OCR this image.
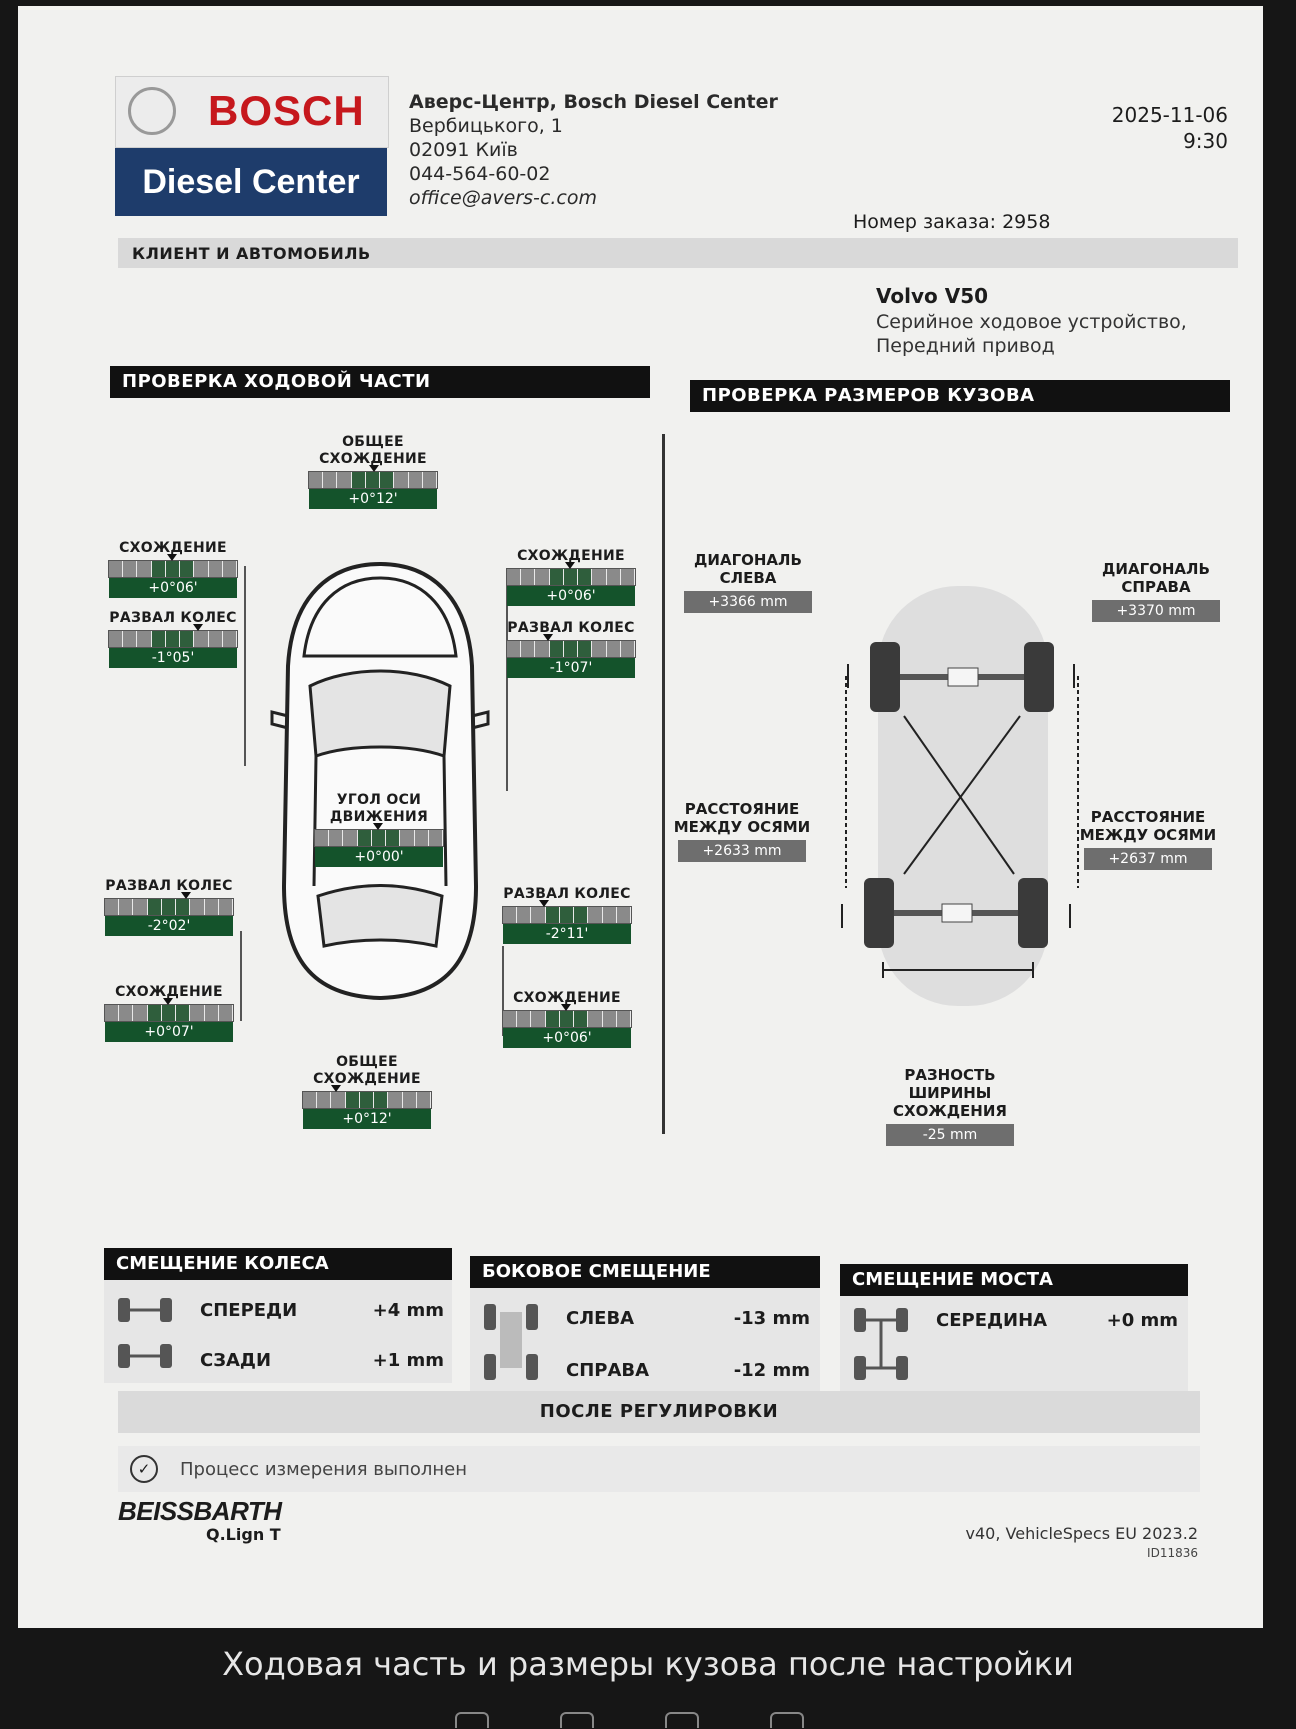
BOSCH
Diesel Center
Аверс-Центр, Bosch Diesel Center
Вербицького, 1
02091 Київ
044-564-60-02
office@avers-c.com
2025-11-06
9:30
Номер заказа: 2958
КЛИЕНТ И АВТОМОБИЛЬ
Volvo V50
Серийное ходовое устройство, Передний привод
ПРОВЕРКА ХОДОВОЙ ЧАСТИ
ПРОВЕРКА РАЗМЕРОВ КУЗОВА
ОБЩЕЕ СХОЖДЕНИЕ
+0°12'
СХОЖДЕНИЕ
+0°06'
РАЗВАЛ КОЛЕС
-1°05'
СХОЖДЕНИЕ
+0°06'
РАЗВАЛ КОЛЕС
-1°07'
УГОЛ ОСИ ДВИЖЕНИЯ
+0°00'
РАЗВАЛ КОЛЕС
-2°02'
СХОЖДЕНИЕ
+0°07'
РАЗВАЛ КОЛЕС
-2°11'
СХОЖДЕНИЕ
+0°06'
ОБЩЕЕ СХОЖДЕНИЕ
+0°12'
ДИАГОНАЛЬ СЛЕВА
+3366 mm
ДИАГОНАЛЬ СПРАВА
+3370 mm
РАССТОЯНИЕ МЕЖДУ ОСЯМИ
+2633 mm
РАССТОЯНИЕ МЕЖДУ ОСЯМИ
+2637 mm
РАЗНОСТЬ ШИРИНЫ СХОЖДЕНИЯ
-25 mm
СМЕЩЕНИЕ КОЛЕСА
СПЕРЕДИ	+4 mm
СЗАДИ	+1 mm
БОКОВОЕ СМЕЩЕНИЕ
СЛЕВА	-13 mm
СПРАВА	-12 mm
СМЕЩЕНИЕ МОСТА
СЕРЕДИНА	+0 mm
ПОСЛЕ РЕГУЛИРОВКИ
✓	Процесс измерения выполнен
BEISSBARTH
Q.Lign T	v40, VehicleSpecs EU 2023.2
ID11836
Ходовая часть и размеры кузова после настройки
